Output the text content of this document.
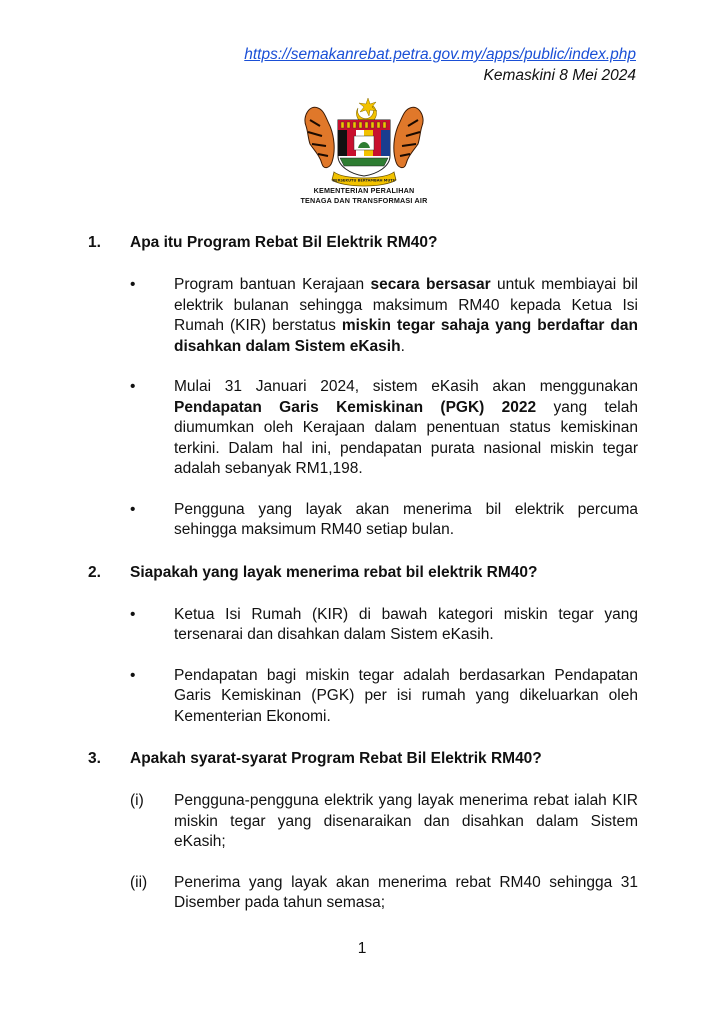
https://semakanrebat.petra.gov.my/apps/public/index.php
Kemaskini 8 Mei 2024
BERSEKUTU BERTAMBAH MUTU
KEMENTERIAN PERALIHAN
TENAGA DAN TRANSFORMASI AIR
1.	Apa itu Program Rebat Bil Elektrik RM40?
•	Program bantuan Kerajaan secara bersasar untuk membiayai bil elektrik bulanan sehingga maksimum RM40 kepada Ketua Isi Rumah (KIR) berstatus miskin tegar sahaja yang berdaftar dan disahkan dalam Sistem eKasih.
•	Mulai 31 Januari 2024, sistem eKasih akan menggunakan Pendapatan Garis Kemiskinan (PGK) 2022 yang telah diumumkan oleh Kerajaan dalam penentuan status kemiskinan terkini. Dalam hal ini, pendapatan purata nasional miskin tegar adalah sebanyak RM1,198.
•	Pengguna yang layak akan menerima bil elektrik percuma sehingga maksimum RM40 setiap bulan.
2.	Siapakah yang layak menerima rebat bil elektrik RM40?
•	Ketua Isi Rumah (KIR) di bawah kategori miskin tegar yang tersenarai dan disahkan dalam Sistem eKasih.
•	Pendapatan bagi miskin tegar adalah berdasarkan Pendapatan Garis Kemiskinan (PGK) per isi rumah yang dikeluarkan oleh Kementerian Ekonomi.
3.	Apakah syarat-syarat Program Rebat Bil Elektrik RM40?
(i)	Pengguna-pengguna elektrik yang layak menerima rebat ialah KIR miskin tegar yang disenaraikan dan disahkan dalam Sistem eKasih;
(ii)	Penerima yang layak akan menerima rebat RM40 sehingga 31 Disember pada tahun semasa;
1
